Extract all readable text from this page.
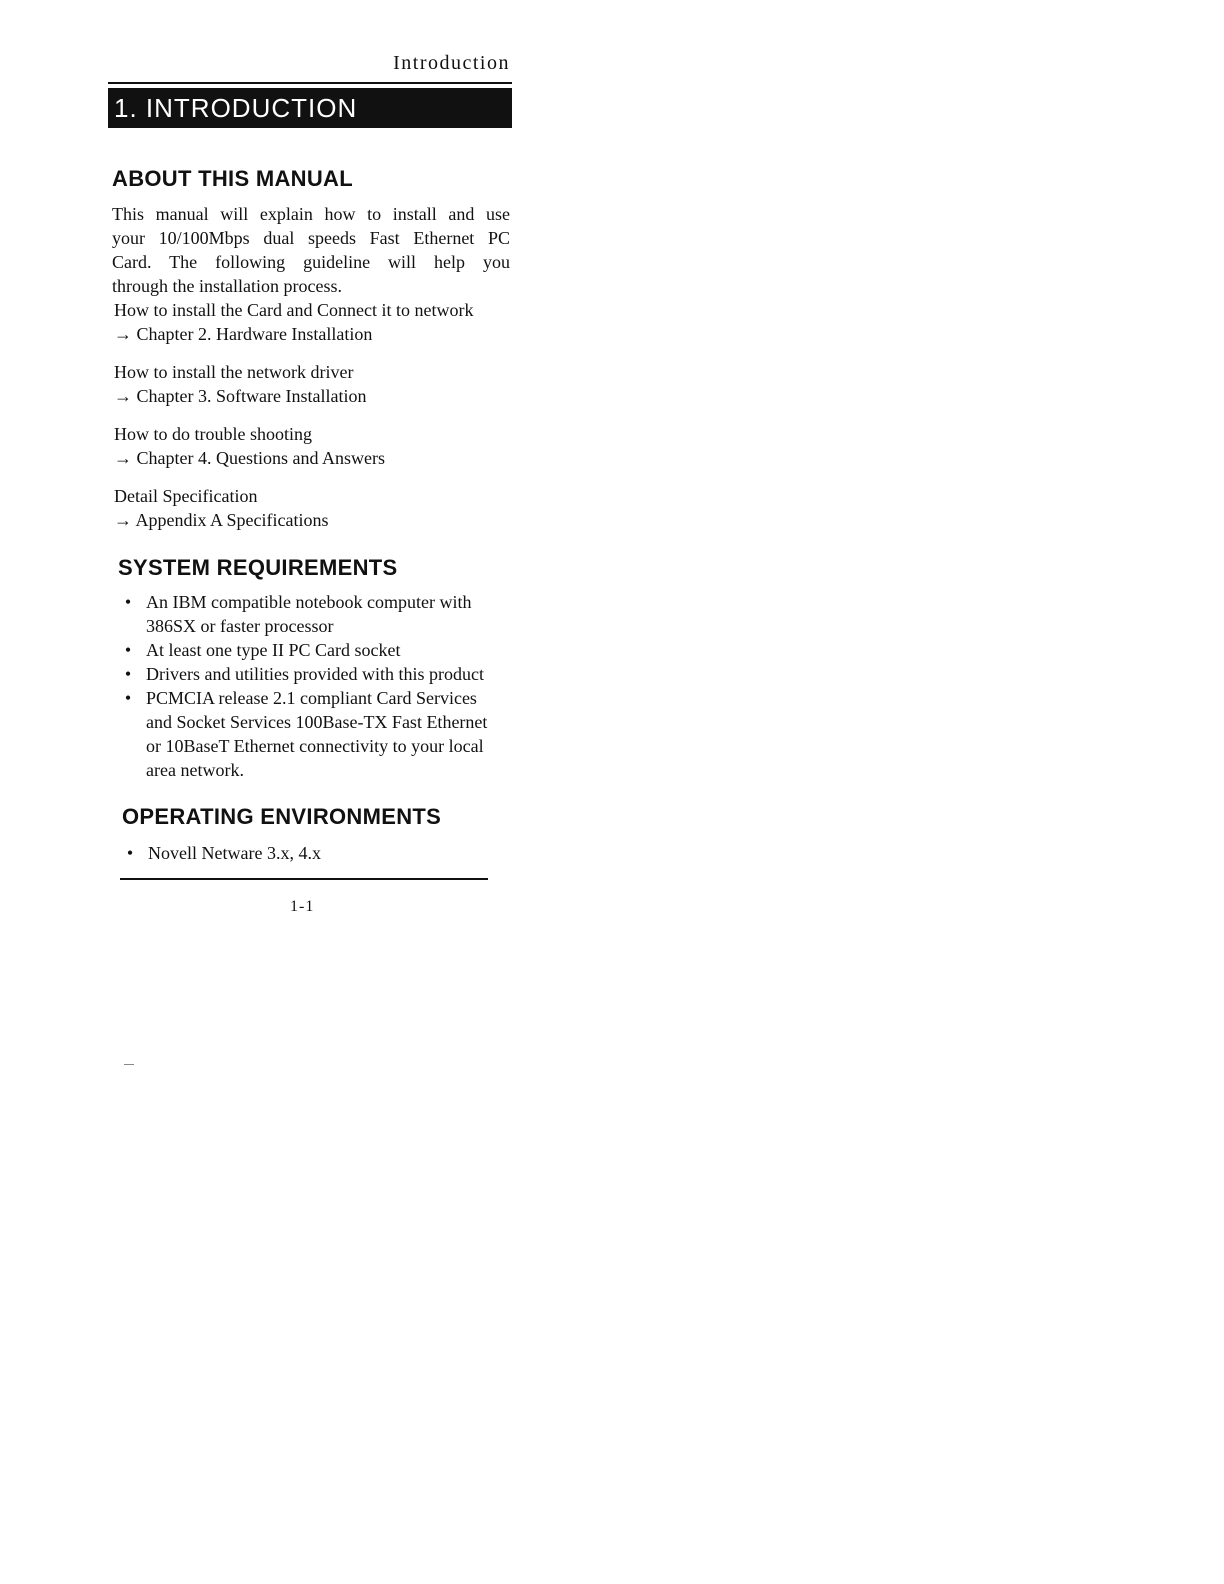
Introduction
1. INTRODUCTION
ABOUT THIS MANUAL
This manual will explain how to install and use
your 10/100Mbps dual speeds Fast Ethernet PC
Card. The following guideline will help you
through the installation process.
How to install the Card and Connect it to network
→ Chapter 2. Hardware Installation
How to install the network driver
→ Chapter 3. Software Installation
How to do trouble shooting
→ Chapter 4. Questions and Answers
Detail Specification
→ Appendix A Specifications
SYSTEM REQUIREMENTS
• An IBM compatible notebook computer with
386SX or faster processor
• At least one type II PC Card socket
• Drivers and utilities provided with this product
• PCMCIA release 2.1 compliant Card Services
and Socket Services 100Base-TX Fast Ethernet
or 10BaseT Ethernet connectivity to your local
area network.
OPERATING ENVIRONMENTS
• Novell Netware 3.x, 4.x
1-1
